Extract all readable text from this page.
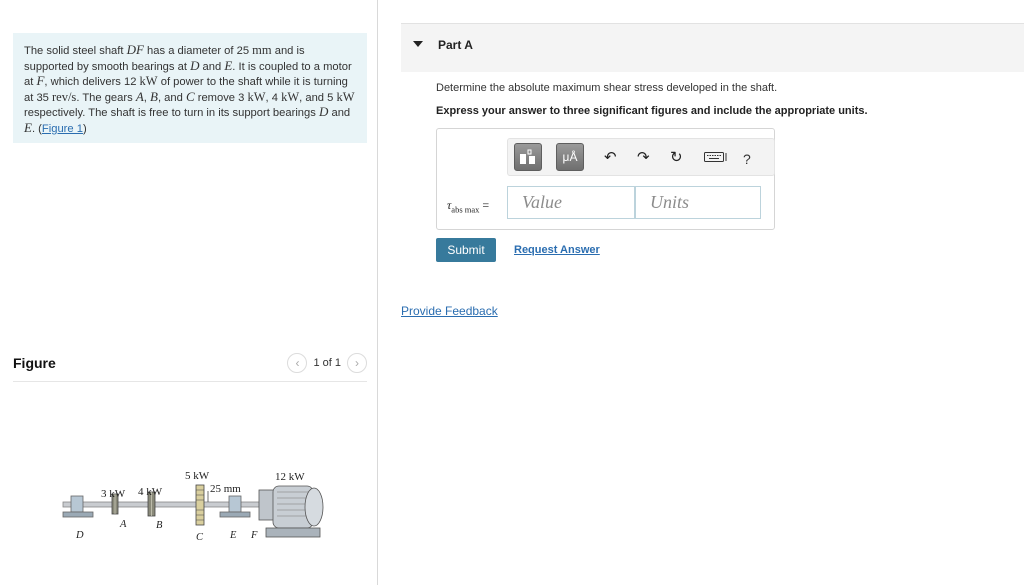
The solid steel shaft DF has a diameter of 25 mm and is supported by smooth bearings at D and E. It is coupled to a motor at F, which delivers 12 kW of power to the shaft while it is turning at 35 rev/s. The gears A, B, and C remove 3 kW, 4 kW, and 5 kW respectively. The shaft is free to turn in its support bearings D and E. (Figure 1)
Figure	‹ 1 of 1 ›
3 kW 4 kW
5 kW	12 kW
25 mm
D
A	B
C	E F
Part A
Determine the absolute maximum shear stress developed in the shaft.
Express your answer to three significant figures and include the appropriate units.
μÅ ↶ ↷ ↻	?
$\tau_{abs max}$ =
Value
Units
Submit	Request Answer
Provide Feedback
